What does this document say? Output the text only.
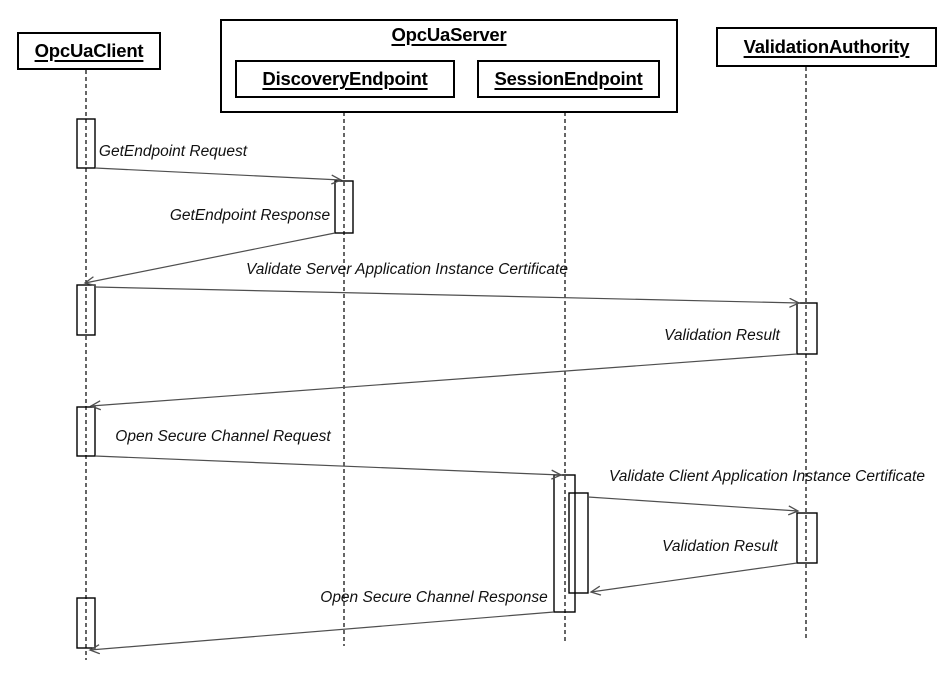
OpcUaClient
OpcUaServer
DiscoveryEndpoint	SessionEndpoint
ValidationAuthority
GetEndpoint Request
GetEndpoint Response
Validate Server Application Instance Certificate
Validation Result
Open Secure Channel Request
Validate Client Application Instance Certificate
Validation Result
Open Secure Channel Response
